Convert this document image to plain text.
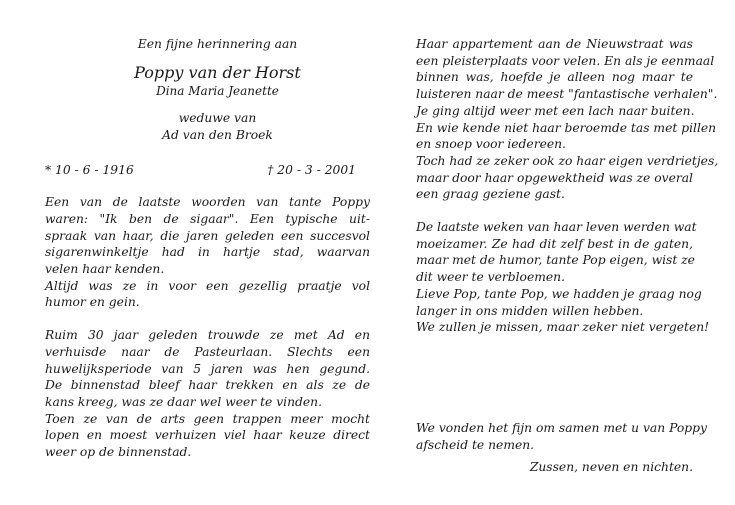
Een fijne herinnering aan
Poppy van der Horst
Dina Maria Jeanette
weduwe van
Ad van den Broek
* 10 - 6 - 1916	† 20 - 3 - 2001

Een van de laatste woorden van tante Poppy
waren: "Ik ben de sigaar". Een typische uit-
spraak van haar, die jaren geleden een succesvol
sigarenwinkeltje had in hartje stad, waarvan
velen haar kenden.

Altijd was ze in voor een gezellig praatje vol
humor en gein.

Ruim 30 jaar geleden trouwde ze met Ad en
verhuisde naar de Pasteurlaan. Slechts een
huwelijksperiode van 5 jaren was hen gegund.
De binnenstad bleef haar trekken en als ze de
kans kreeg, was ze daar wel weer te vinden.

Toen ze van de arts geen trappen meer mocht
lopen en moest verhuizen viel haar keuze direct
weer op de binnenstad.

Haar appartement aan de Nieuwstraat was
een pleisterplaats voor velen. En als je eenmaal
binnen was, hoefde je alleen nog maar te
luisteren naar de meest "fantastische verhalen".
Je ging altijd weer met een lach naar buiten.
En wie kende niet haar beroemde tas met pillen
en snoep voor iedereen.

Toch had ze zeker ook zo haar eigen verdrietjes,
maar door haar opgewektheid was ze overal
een graag geziene gast.

De laatste weken van haar leven werden wat
moeizamer. Ze had dit zelf best in de gaten,
maar met de humor, tante Pop eigen, wist ze
dit weer te verbloemen.

Lieve Pop, tante Pop, we hadden je graag nog
langer in ons midden willen hebben.

We zullen je missen, maar zeker niet vergeten!

We vonden het fijn om samen met u van Poppy
afscheid te nemen.

Zussen, neven en nichten.
